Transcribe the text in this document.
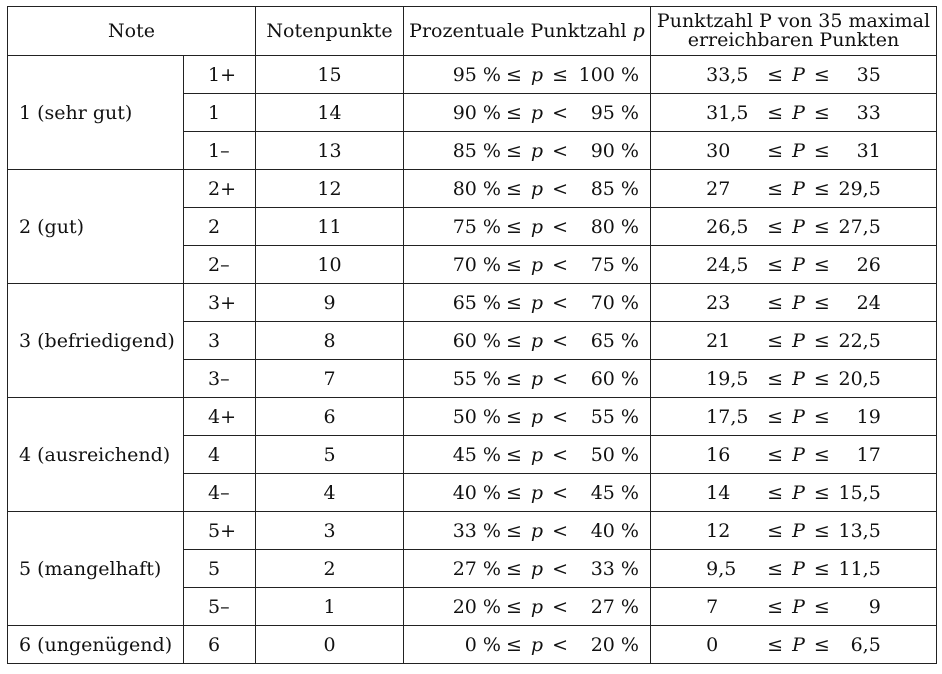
Note		Notenpunkte	Prozentuale Punktzahl p	Punktzahl P von 35 maximal
erreichbaren Punkten
1 (sehr gut)	1+	15	95 % ≤ p ≤ 100 %	33,5 ≤ P ≤ 35

	1	14	90 % ≤ p < 95 %	31,5 ≤ P ≤ 33

	1–	13	85 % ≤ p < 90 %	30 ≤ P ≤ 31

2 (gut)	2+	12	80 % ≤ p < 85 %	27 ≤ P ≤ 29,5

	2	11	75 % ≤ p < 80 %	26,5 ≤ P ≤ 27,5

	2–	10	70 % ≤ p < 75 %	24,5 ≤ P ≤ 26

3 (befriedigend)	3+	9	65 % ≤ p < 70 %	23 ≤ P ≤ 24

	3	8	60 % ≤ p < 65 %	21 ≤ P ≤ 22,5

	3–	7	55 % ≤ p < 60 %	19,5 ≤ P ≤ 20,5

4 (ausreichend)	4+	6	50 % ≤ p < 55 %	17,5 ≤ P ≤ 19

	4	5	45 % ≤ p < 50 %	16 ≤ P ≤ 17

	4–	4	40 % ≤ p < 45 %	14 ≤ P ≤ 15,5

5 (mangelhaft)	5+	3	33 % ≤ p < 40 %	12 ≤ P ≤ 13,5

	5	2	27 % ≤ p < 33 %	9,5 ≤ P ≤ 11,5

	5–	1	20 % ≤ p < 27 %	7 ≤ P ≤ 9

6 (ungenügend)	6	0	0 % ≤ p < 20 %	0 ≤ P ≤ 6,5
